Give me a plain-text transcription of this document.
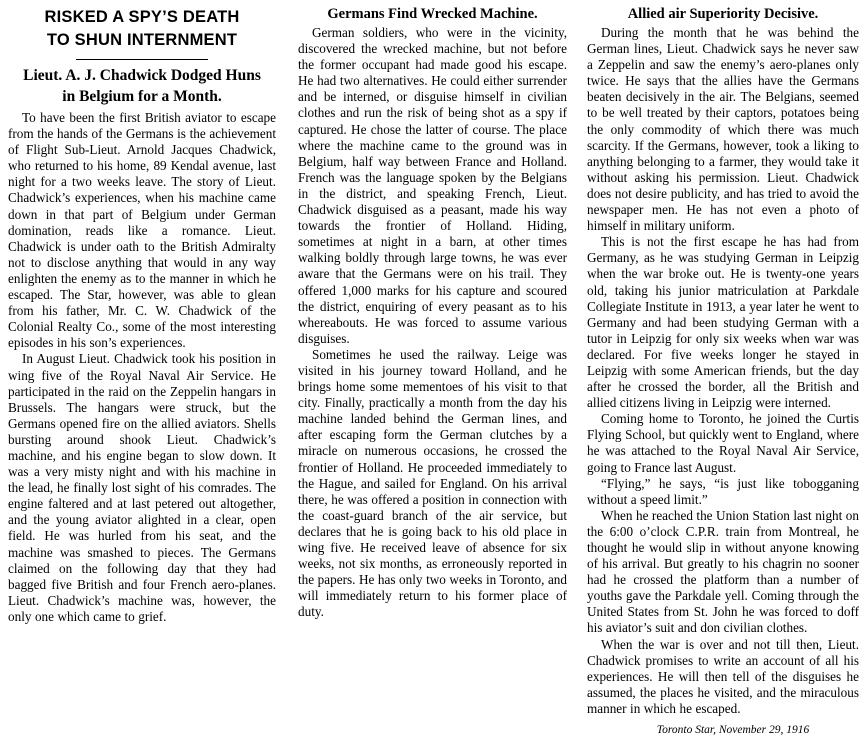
RISKED A SPY’S DEATH
TO SHUN INTERNMENT
Lieut. A. J. Chadwick Dodged Huns
in Belgium for a Month.

To have been the first British aviator to escape from the hands of the Germans is the achievement of Flight Sub-Lieut. Arnold Jacques Chadwick, who returned to his home, 89 Kendal avenue, last night for a two weeks leave. The story of Lieut. Chadwick’s experiences, when his machine came down in that part of Belgium under German domination, reads like a romance. Lieut. Chadwick is under oath to the British Admiralty not to disclose anything that would in any way enlighten the enemy as to the manner in which he escaped. The Star, however, was able to glean from his father, Mr. C. W. Chadwick of the Colonial Realty Co., some of the most interesting episodes in his son’s experiences.

In August Lieut. Chadwick took his position in wing five of the Royal Naval Air Service. He participated in the raid on the Zeppelin hangars in Brussels. The hangars were struck, but the Germans opened fire on the allied aviators. Shells bursting around shook Lieut. Chadwick’s machine, and his engine began to slow down. It was a very misty night and with his machine in the lead, he finally lost sight of his comrades. The engine faltered and at last petered out altogether, and the young aviator alighted in a clear, open field. He was hurled from his seat, and the machine was smashed to pieces. The Germans claimed on the following day that they had bagged five British and four French aero-planes. Lieut. Chadwick’s machine was, however, the only one which came to grief.

Germans Find Wrecked Machine.

German soldiers, who were in the vicinity, discovered the wrecked machine, but not before the former occupant had made good his escape. He had two alternatives. He could either surrender and be interned, or disguise himself in civilian clothes and run the risk of being shot as a spy if captured. He chose the latter of course. The place where the machine came to the ground was in Belgium, half way between France and Holland. French was the language spoken by the Belgians in the district, and speaking French, Lieut. Chadwick disguised as a peasant, made his way towards the frontier of Holland. Hiding, sometimes at night in a barn, at other times walking boldly through large towns, he was ever aware that the Germans were on his trail. They offered 1,000 marks for his capture and scoured the district, enquiring of every peasant as to his whereabouts. He was forced to assume various disguises.

Sometimes he used the railway. Leige was visited in his journey toward Holland, and he brings home some mementoes of his visit to that city. Finally, practically a month from the day his machine landed behind the German lines, and after escaping form the German clutches by a miracle on numerous occasions, he crossed the frontier of Holland. He proceeded immediately to the Hague, and sailed for England. On his arrival there, he was offered a position in connection with the coast-guard branch of the air service, but declares that he is going back to his old place in wing five. He received leave of absence for six weeks, not six months, as erroneously reported in the papers. He has only two weeks in Toronto, and will immediately return to his former place of duty.

Allied air Superiority Decisive.

During the month that he was behind the German lines, Lieut. Chadwick says he never saw a Zeppelin and saw the enemy’s aero-planes only twice. He says that the allies have the Germans beaten decisively in the air. The Belgians, seemed to be well treated by their captors, potatoes being the only commodity of which there was much scarcity. If the Germans, however, took a liking to anything belonging to a farmer, they would take it without asking his permission. Lieut. Chadwick does not desire publicity, and has tried to avoid the newspaper men. He has not even a photo of himself in military uniform.

This is not the first escape he has had from Germany, as he was studying German in Leipzig when the war broke out. He is twenty-one years old, taking his junior matriculation at Parkdale Collegiate Institute in 1913, a year later he went to Germany and had been studying German with a tutor in Leipzig for only six weeks when war was declared. For five weeks longer he stayed in Leipzig with some American friends, but the day after he crossed the border, all the British and allied citizens living in Leipzig were interned.

Coming home to Toronto, he joined the Curtis Flying School, but quickly went to England, where he was attached to the Royal Naval Air Service, going to France last August.

“Flying,” he says, “is just like tobogganing without a speed limit.”

When he reached the Union Station last night on the 6:00 o’clock C.P.R. train from Montreal, he thought he would slip in without anyone knowing of his arrival. But greatly to his chagrin no sooner had he crossed the platform than a number of youths gave the Parkdale yell. Coming through the United States from St. John he was forced to doff his aviator’s suit and don civilian clothes.

When the war is over and not till then, Lieut. Chadwick promises to write an account of all his experiences. He will then tell of the disguises he assumed, the places he visited, and the miraculous manner in which he escaped.

Toronto Star, November 29, 1916
